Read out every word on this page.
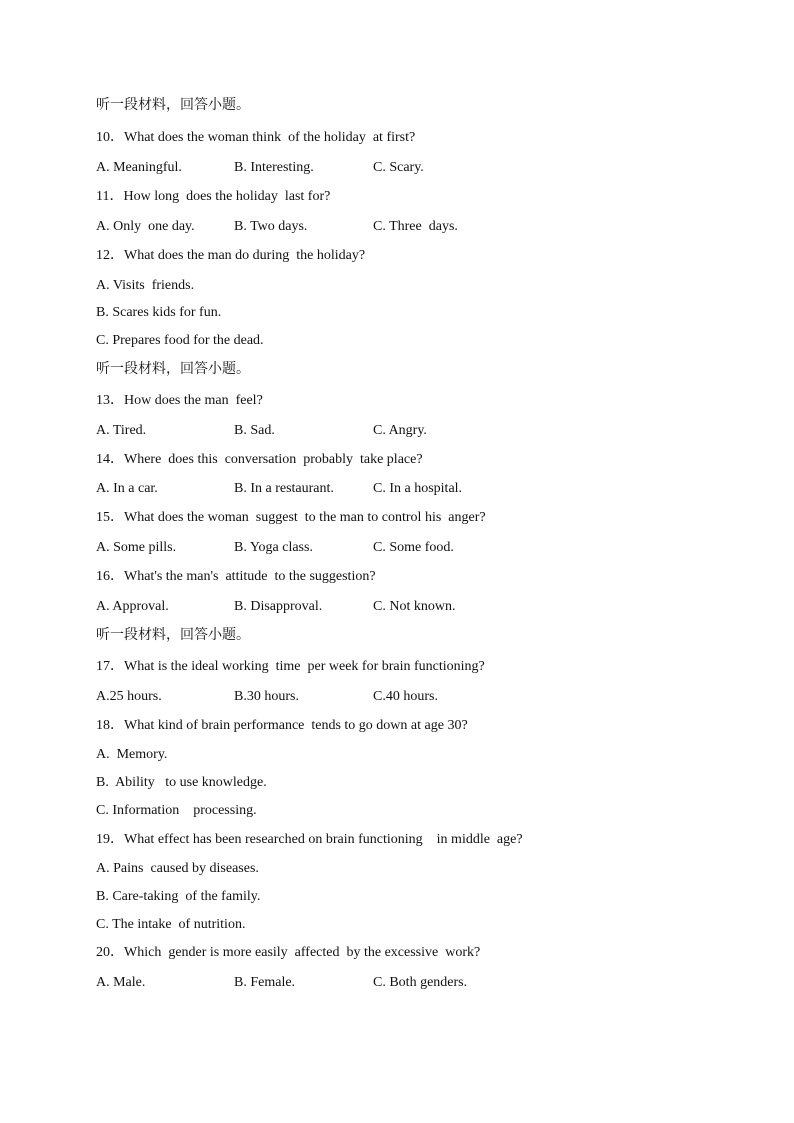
听一段材料，回答小题。
10．What does the woman think  of the holiday  at first?

A. Meaningful.

	B. Interesting.

	C. Scary.

11．How long  does the holiday  last for?

A. Only  one day.

	B. Two days.

	C. Three  days.

12．What does the man do during  the holiday?
A. Visits  friends.
B. Scares kids for fun.
C. Prepares food for the dead.
听一段材料，回答小题。
13．How does the man  feel?

A. Tired.

	B. Sad.

	C. Angry.

14．Where  does this  conversation  probably  take place?

A. In a car.

	B. In a restaurant.

	C. In a hospital.

15．What does the woman  suggest  to the man to control his  anger?

A. Some pills.

	B. Yoga class.

	C. Some food.

16．What's the man's  attitude  to the suggestion?

A. Approval.

	B. Disapproval.

	C. Not known.

听一段材料，回答小题。
17．What is the ideal working  time  per week for brain functioning?

A.25 hours.

	B.30 hours.

	C.40 hours.

18．What kind of brain performance  tends to go down at age 30?
A.  Memory.
B.  Ability   to use knowledge.
C. Information    processing.
19．What effect has been researched on brain functioning    in middle  age?
A. Pains  caused by diseases.
B. Care-taking  of the family.
C. The intake  of nutrition.
20．Which  gender is more easily  affected  by the excessive  work?

A. Male.

	B. Female.

	C. Both genders.
